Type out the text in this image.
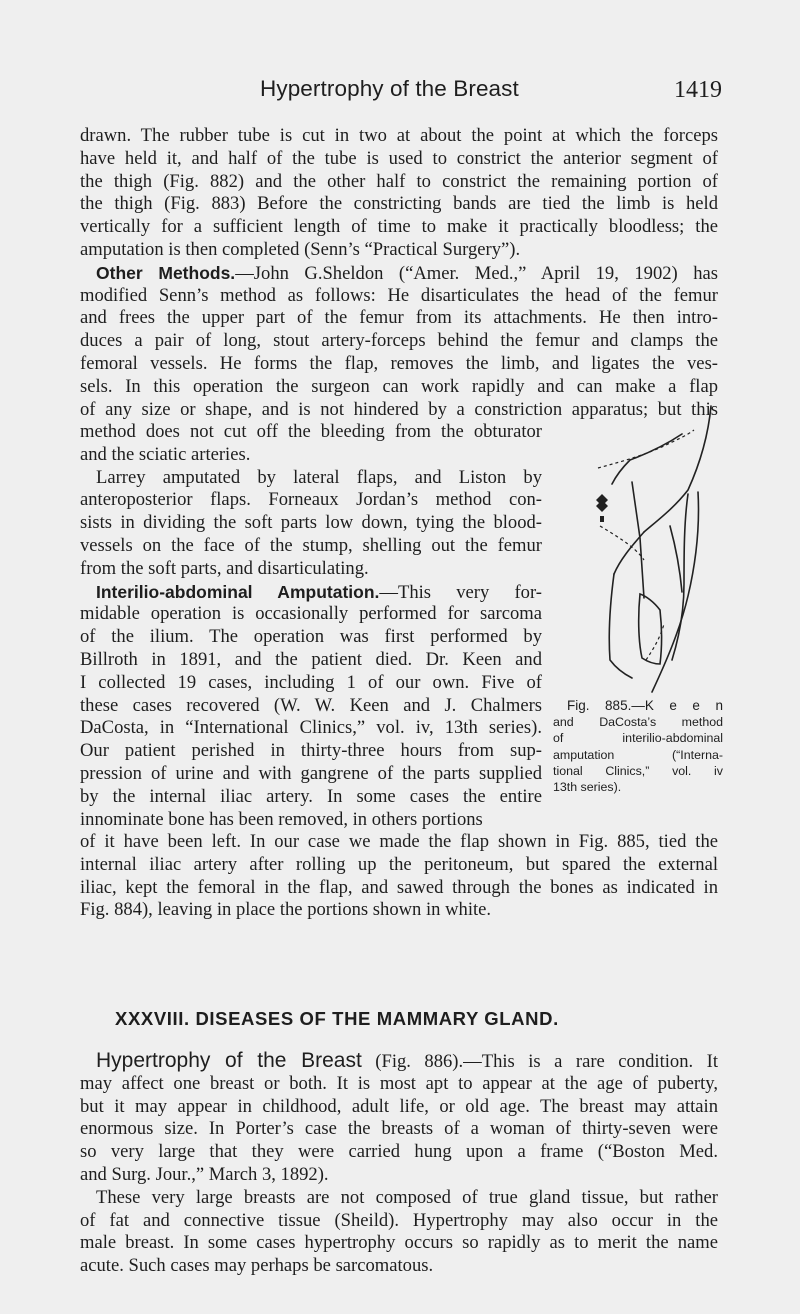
Hypertrophy of the Breast	1419
drawn. The rubber tube is cut in two at about the point at which the forceps
have held it, and half of the tube is used to constrict the anterior segment of
the thigh (Fig. 882) and the other half to constrict the remaining portion of
the thigh (Fig. 883) Before the constricting bands are tied the limb is held
vertically for a sufficient length of time to make it practically bloodless; the
amputation is then completed (Senn’s “Practical Surgery”).
Other Methods.—John G.Sheldon (“Amer. Med.,” April 19, 1902) has
modified Senn’s method as follows: He disarticulates the head of the femur
and frees the upper part of the femur from its attachments. He then intro-
duces a pair of long, stout artery-forceps behind the femur and clamps the
femoral vessels. He forms the flap, removes the limb, and ligates the ves-
sels. In this operation the surgeon can work rapidly and can make a flap
of any size or shape, and is not hindered by a constriction apparatus; but this
method does not cut off the bleeding from the obturator
and the sciatic arteries.
Larrey amputated by lateral flaps, and Liston by
anteroposterior flaps. Forneaux Jordan’s method con-
sists in dividing the soft parts low down, tying the blood-
vessels on the face of the stump, shelling out the femur
from the soft parts, and disarticulating.
Interilio-abdominal Amputation.—This very for-
midable operation is occasionally performed for sarcoma
of the ilium. The operation was first performed by
Billroth in 1891, and the patient died. Dr. Keen and
I collected 19 cases, including 1 of our own. Five of
these cases recovered (W. W. Keen and J. Chalmers
DaCosta, in “International Clinics,” vol. iv, 13th series).
Our patient perished in thirty-three hours from sup-
pression of urine and with gangrene of the parts supplied
by the internal iliac artery. In some cases the entire
innominate bone has been removed, in others portions
Fig. 885.—K e e n
and DaCosta’s method
of interilio-abdominal
amputation (“Interna-
tional Clinics,” vol. iv
13th series).
of it have been left. In our case we made the flap shown in Fig. 885, tied the
internal iliac artery after rolling up the peritoneum, but spared the external
iliac, kept the femoral in the flap, and sawed through the bones as indicated in
Fig. 884), leaving in place the portions shown in white.
XXXVIII. DISEASES OF THE MAMMARY GLAND.
Hypertrophy of the Breast (Fig. 886).—This is a rare condition. It
may affect one breast or both. It is most apt to appear at the age of puberty,
but it may appear in childhood, adult life, or old age. The breast may attain
enormous size. In Porter’s case the breasts of a woman of thirty-seven were
so very large that they were carried hung upon a frame (“Boston Med.
and Surg. Jour.,” March 3, 1892).
These very large breasts are not composed of true gland tissue, but rather
of fat and connective tissue (Sheild). Hypertrophy may also occur in the
male breast. In some cases hypertrophy occurs so rapidly as to merit the name
acute. Such cases may perhaps be sarcomatous.
